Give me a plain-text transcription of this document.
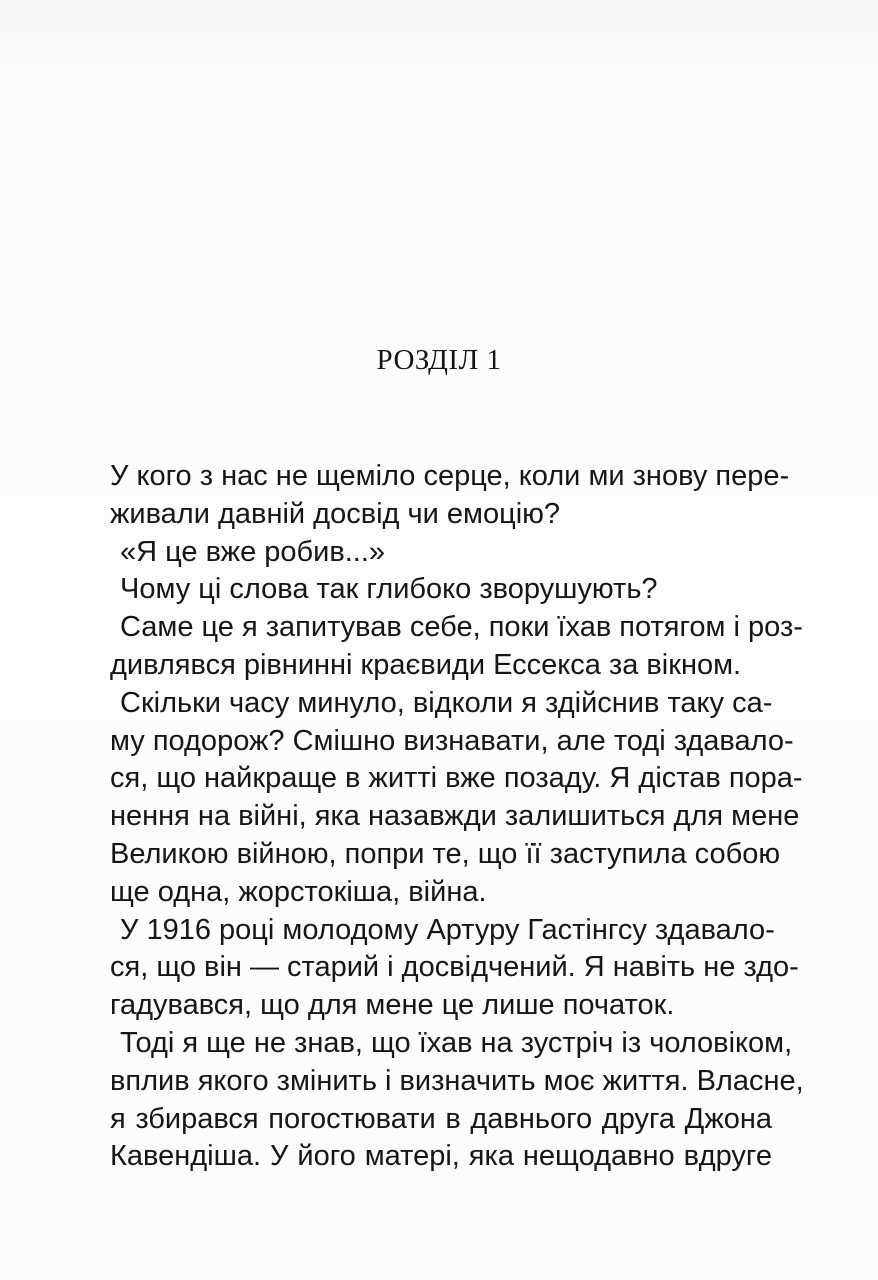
РОЗДІЛ 1
У кого з нас не щеміло серце, коли ми знову пере-
живали давній досвід чи емоцію?
«Я це вже робив...»
Чому ці слова так глибоко зворушують?
Саме це я запитував себе, поки їхав потягом і роз-
дивлявся рівнинні краєвиди Ессекса за вікном.
Скільки часу минуло, відколи я здійснив таку са-
му подорож? Смішно визнавати, але тоді здавало-
ся, що найкраще в житті вже позаду. Я дістав пора-
нення на війні, яка назавжди залишиться для мене
Великою війною, попри те, що її заступила собою
ще одна, жорстокіша, війна.
У 1916 році молодому Артуру Гастінгсу здавало-
ся, що він — старий і досвідчений. Я навіть не здо-
гадувався, що для мене це лише початок.
Тоді я ще не знав, що їхав на зустріч із чоловіком,
вплив якого змінить і визначить моє життя. Власне,
я збирався погостювати в давнього друга Джона
Кавендіша. У його матері, яка нещодавно вдруге
